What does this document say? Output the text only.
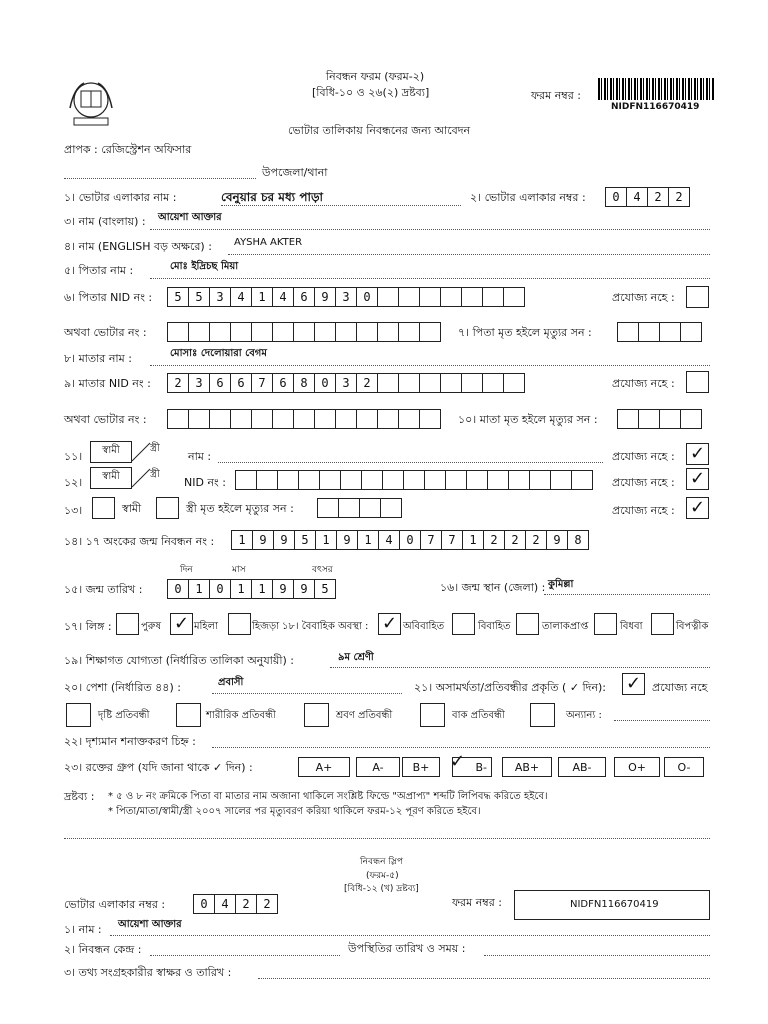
নিবন্ধন ফরম (ফরম-২)
[বিধি-১০ ও ২৬(২) দ্রষ্টব্য]	ফরম নম্বর :
NIDFN116670419
ভোটার তালিকায় নিবন্ধনের জন্য আবেদন
প্রাপক : রেজিস্ট্রেশন অফিসার
উপজেলা/থানা
১। ভোটার এলাকার নাম :	বেনুয়ার চর মধ্য পাড়া	২। ভোটার এলাকার নম্বর :	0	4	2	2
৩। নাম (বাংলায়) : আয়েশা আক্তার
৪। নাম (ENGLISH বড় অক্ষরে) : AYSHA AKTER
৫। পিতার নাম :	মোঃ ইদ্রিচছ মিয়া
৬। পিতার NID নং :	5	5	3	4	1	4	6	9	3	0	প্রযোজ্য নহে :
অথবা ভোটার নং :	৭। পিতা মৃত হইলে মৃত্যুর সন :
৮। মাতার নাম :	মোসাঃ দেলোয়ারা বেগম
৯। মাতার NID নং :	2	3	6	6	7	6	8	0	3	2	প্রযোজ্য নহে :
অথবা ভোটার নং :	১০। মাতা মৃত হইলে মৃত্যুর সন :
১১।	স্বামী	স্ত্রী
নাম :	প্রযোজ্য নহে : ✓
১২।	স্বামী	স্ত্রী
NID নং :	প্রযোজ্য নহে : ✓
১৩।	স্বামী	স্ত্রী মৃত হইলে মৃত্যুর সন :	প্রযোজ্য নহে : ✓
১৪। ১৭ অংকের জন্ম নিবন্ধন নং :	1	9	9	5	1	9	1	4	0	7	7	1	2	2	2	9	8
দিন	মাস	বৎসর
১৫। জন্ম তারিখ :	0	1	0	1	1	9	9	5	১৬। জন্ম স্থান (জেলা) : কুমিল্লা
১৭। লিঙ্গ :	পুরুষ ✓ মহিলা	হিজড়া ১৮। বৈবাহিক অবস্থা : ✓ অবিবাহিত	বিবাহিত	তালাকপ্রাপ্ত	বিধবা	বিপত্নীক
১৯। শিক্ষাগত যোগ্যতা (নির্ধারিত তালিকা অনুযায়ী) :	৯ম শ্রেণী
২০। পেশা (নির্ধারিত ৪৪) :	প্রবাসী	২১। অসামর্থতা/প্রতিবন্ধীর প্রকৃতি ( ✓ দিন): ✓ প্রযোজ্য নহে
দৃষ্টি প্রতিবন্ধী	শারীরিক প্রতিবন্ধী	শ্রবণ প্রতিবন্ধী	বাক প্রতিবন্ধী	অন্যান্য :
২২। দৃশ্যমান শনাক্তকরণ চিহ্ন :
২৩। রক্তের গ্রুপ (যদি জানা থাকে ✓ দিন) :	A+	A-	B+	✓ B-	AB+	AB-	O+	O-
দ্রষ্টব্য : * ৫ ও ৮ নং ক্রমিকে পিতা বা মাতার নাম অজানা থাকিলে সংশ্লিষ্ট ফিল্ডে "অপ্রাপ্য" শব্দটি লিপিবদ্ধ করিতে হইবে।
* পিতা/মাতা/স্বামী/স্ত্রী ২০০৭ সালের পর মৃত্যুবরণ করিয়া থাকিলে ফরম-১২ পূরণ করিতে হইবে।
নিবন্ধন স্লিপ
(ফরম-৫)
[বিধি-১২ (খ) দ্রষ্টব্য]
ভোটার এলাকার নম্বর :	0	4	2	2	ফরম নম্বর :	NIDFN116670419
১। নাম : আয়েশা আক্তার
২। নিবন্ধন কেন্দ্র :	উপস্থিতির তারিখ ও সময় :
৩। তথ্য সংগ্রহকারীর স্বাক্ষর ও তারিখ :
